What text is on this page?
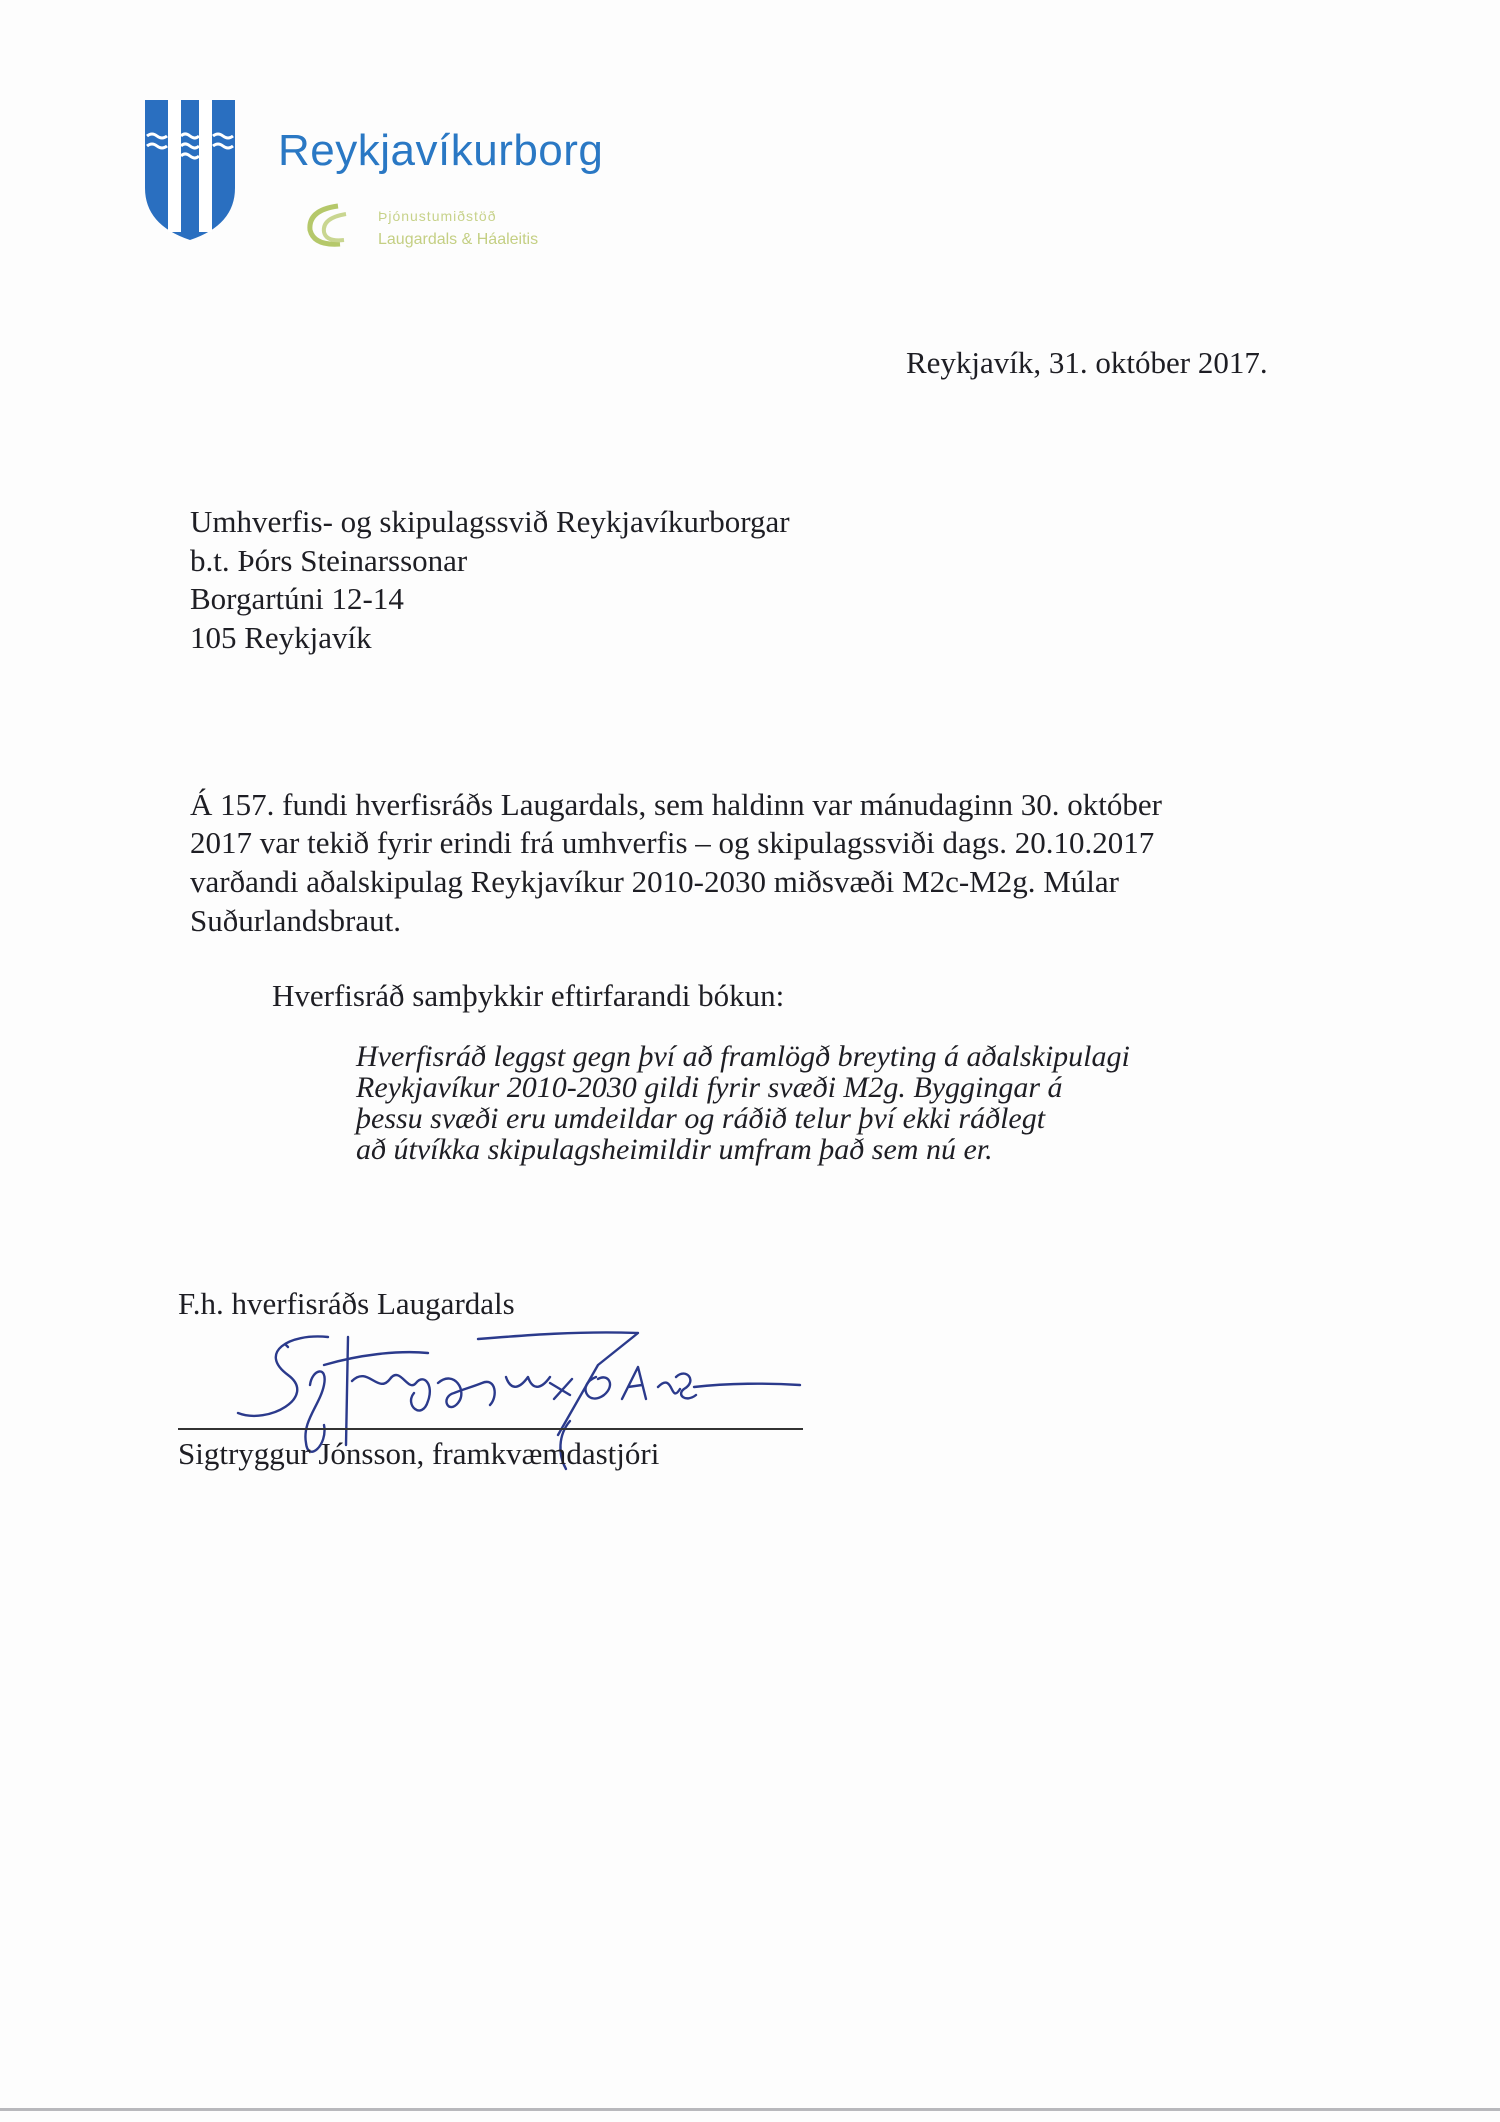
Reykjavíkurborg
Þjónustumiðstöð
Laugardals & Háaleitis
Reykjavík, 31. október 2017.
Umhverfis- og skipulagssvið Reykjavíkurborgar
b.t. Þórs Steinarssonar
Borgartúni 12-14
105 Reykjavík
Á 157. fundi hverfisráðs Laugardals, sem haldinn var mánudaginn 30. október
2017 var tekið fyrir erindi frá umhverfis – og skipulagssviði dags. 20.10.2017
varðandi aðalskipulag Reykjavíkur 2010-2030 miðsvæði M2c-M2g. Múlar
Suðurlandsbraut.
Hverfisráð samþykkir eftirfarandi bókun:
Hverfisráð leggst gegn því að framlögð breyting á aðalskipulagi
Reykjavíkur 2010-2030 gildi fyrir svæði M2g. Byggingar á
þessu svæði eru umdeildar og ráðið telur því ekki ráðlegt
að útvíkka skipulagsheimildir umfram það sem nú er.
F.h. hverfisráðs Laugardals
Sigtryggur Jónsson, framkvæmdastjóri
